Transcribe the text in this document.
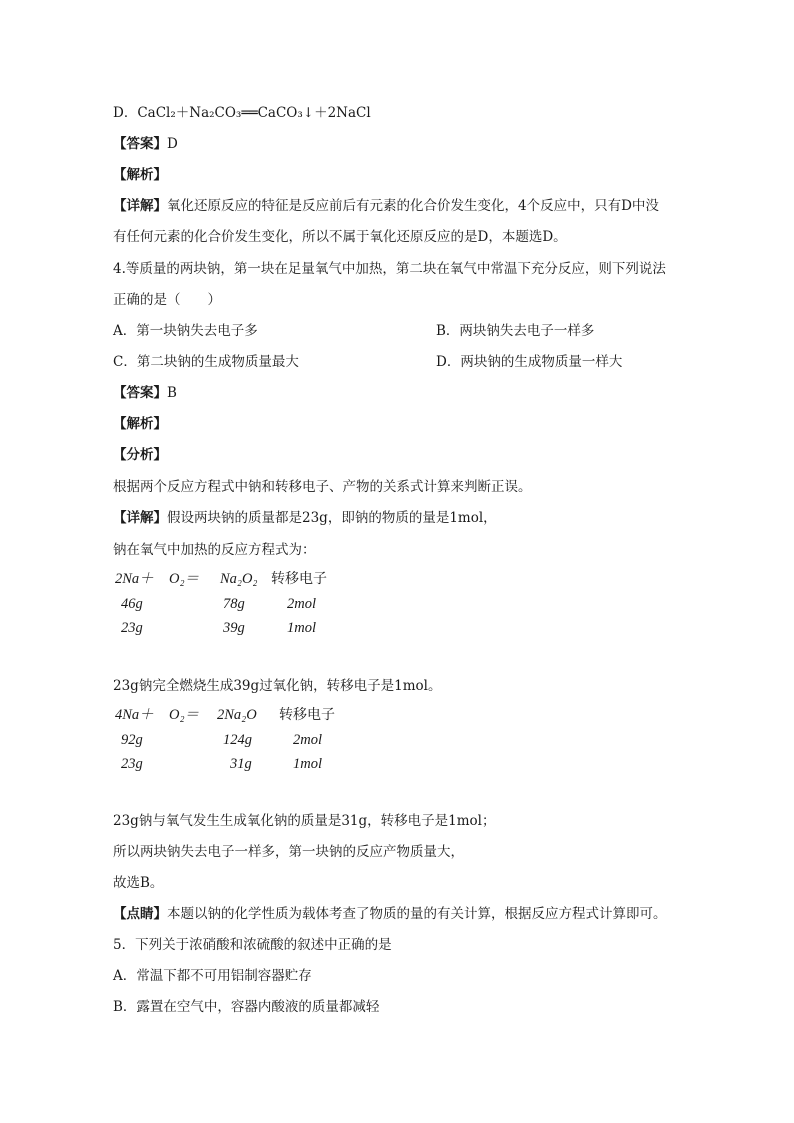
D．CaCl₂＋Na₂CO₃══CaCO₃↓＋2NaCl
【答案】D
【解析】
【详解】氧化还原反应的特征是反应前后有元素的化合价发生变化，4个反应中，只有D中没
有任何元素的化合价发生变化，所以不属于氧化还原反应的是D，本题选D。
4.等质量的两块钠，第一块在足量氧气中加热，第二块在氧气中常温下充分反应，则下列说法
正确的是（　　）
A．第一块钠失去电子多	B．两块钠失去电子一样多
C．第二块钠的生成物质量最大	D．两块钠的生成物质量一样大
【答案】B
【解析】
【分析】
根据两个反应方程式中钠和转移电子、产物的关系式计算来判断正误。
【详解】假设两块钠的质量都是23g，即钠的物质的量是1mol，
钠在氧气中加热的反应方程式为：
2Na＋ O₂＝ Na₂O₂ 转移电子
46g	78g	2mol
23g	39g	1mol
23g钠完全燃烧生成39g过氧化钠，转移电子是1mol。
4Na＋ O₂＝ 2Na₂O 转移电子
92g	124g	2mol
23g	31g	1mol
23g钠与氧气发生生成氧化钠的质量是31g，转移电子是1mol；
所以两块钠失去电子一样多，第一块钠的反应产物质量大，
故选B。
【点睛】本题以钠的化学性质为载体考查了物质的量的有关计算，根据反应方程式计算即可。
5．下列关于浓硝酸和浓硫酸的叙述中正确的是
A．常温下都不可用铝制容器贮存
B．露置在空气中，容器内酸液的质量都减轻
